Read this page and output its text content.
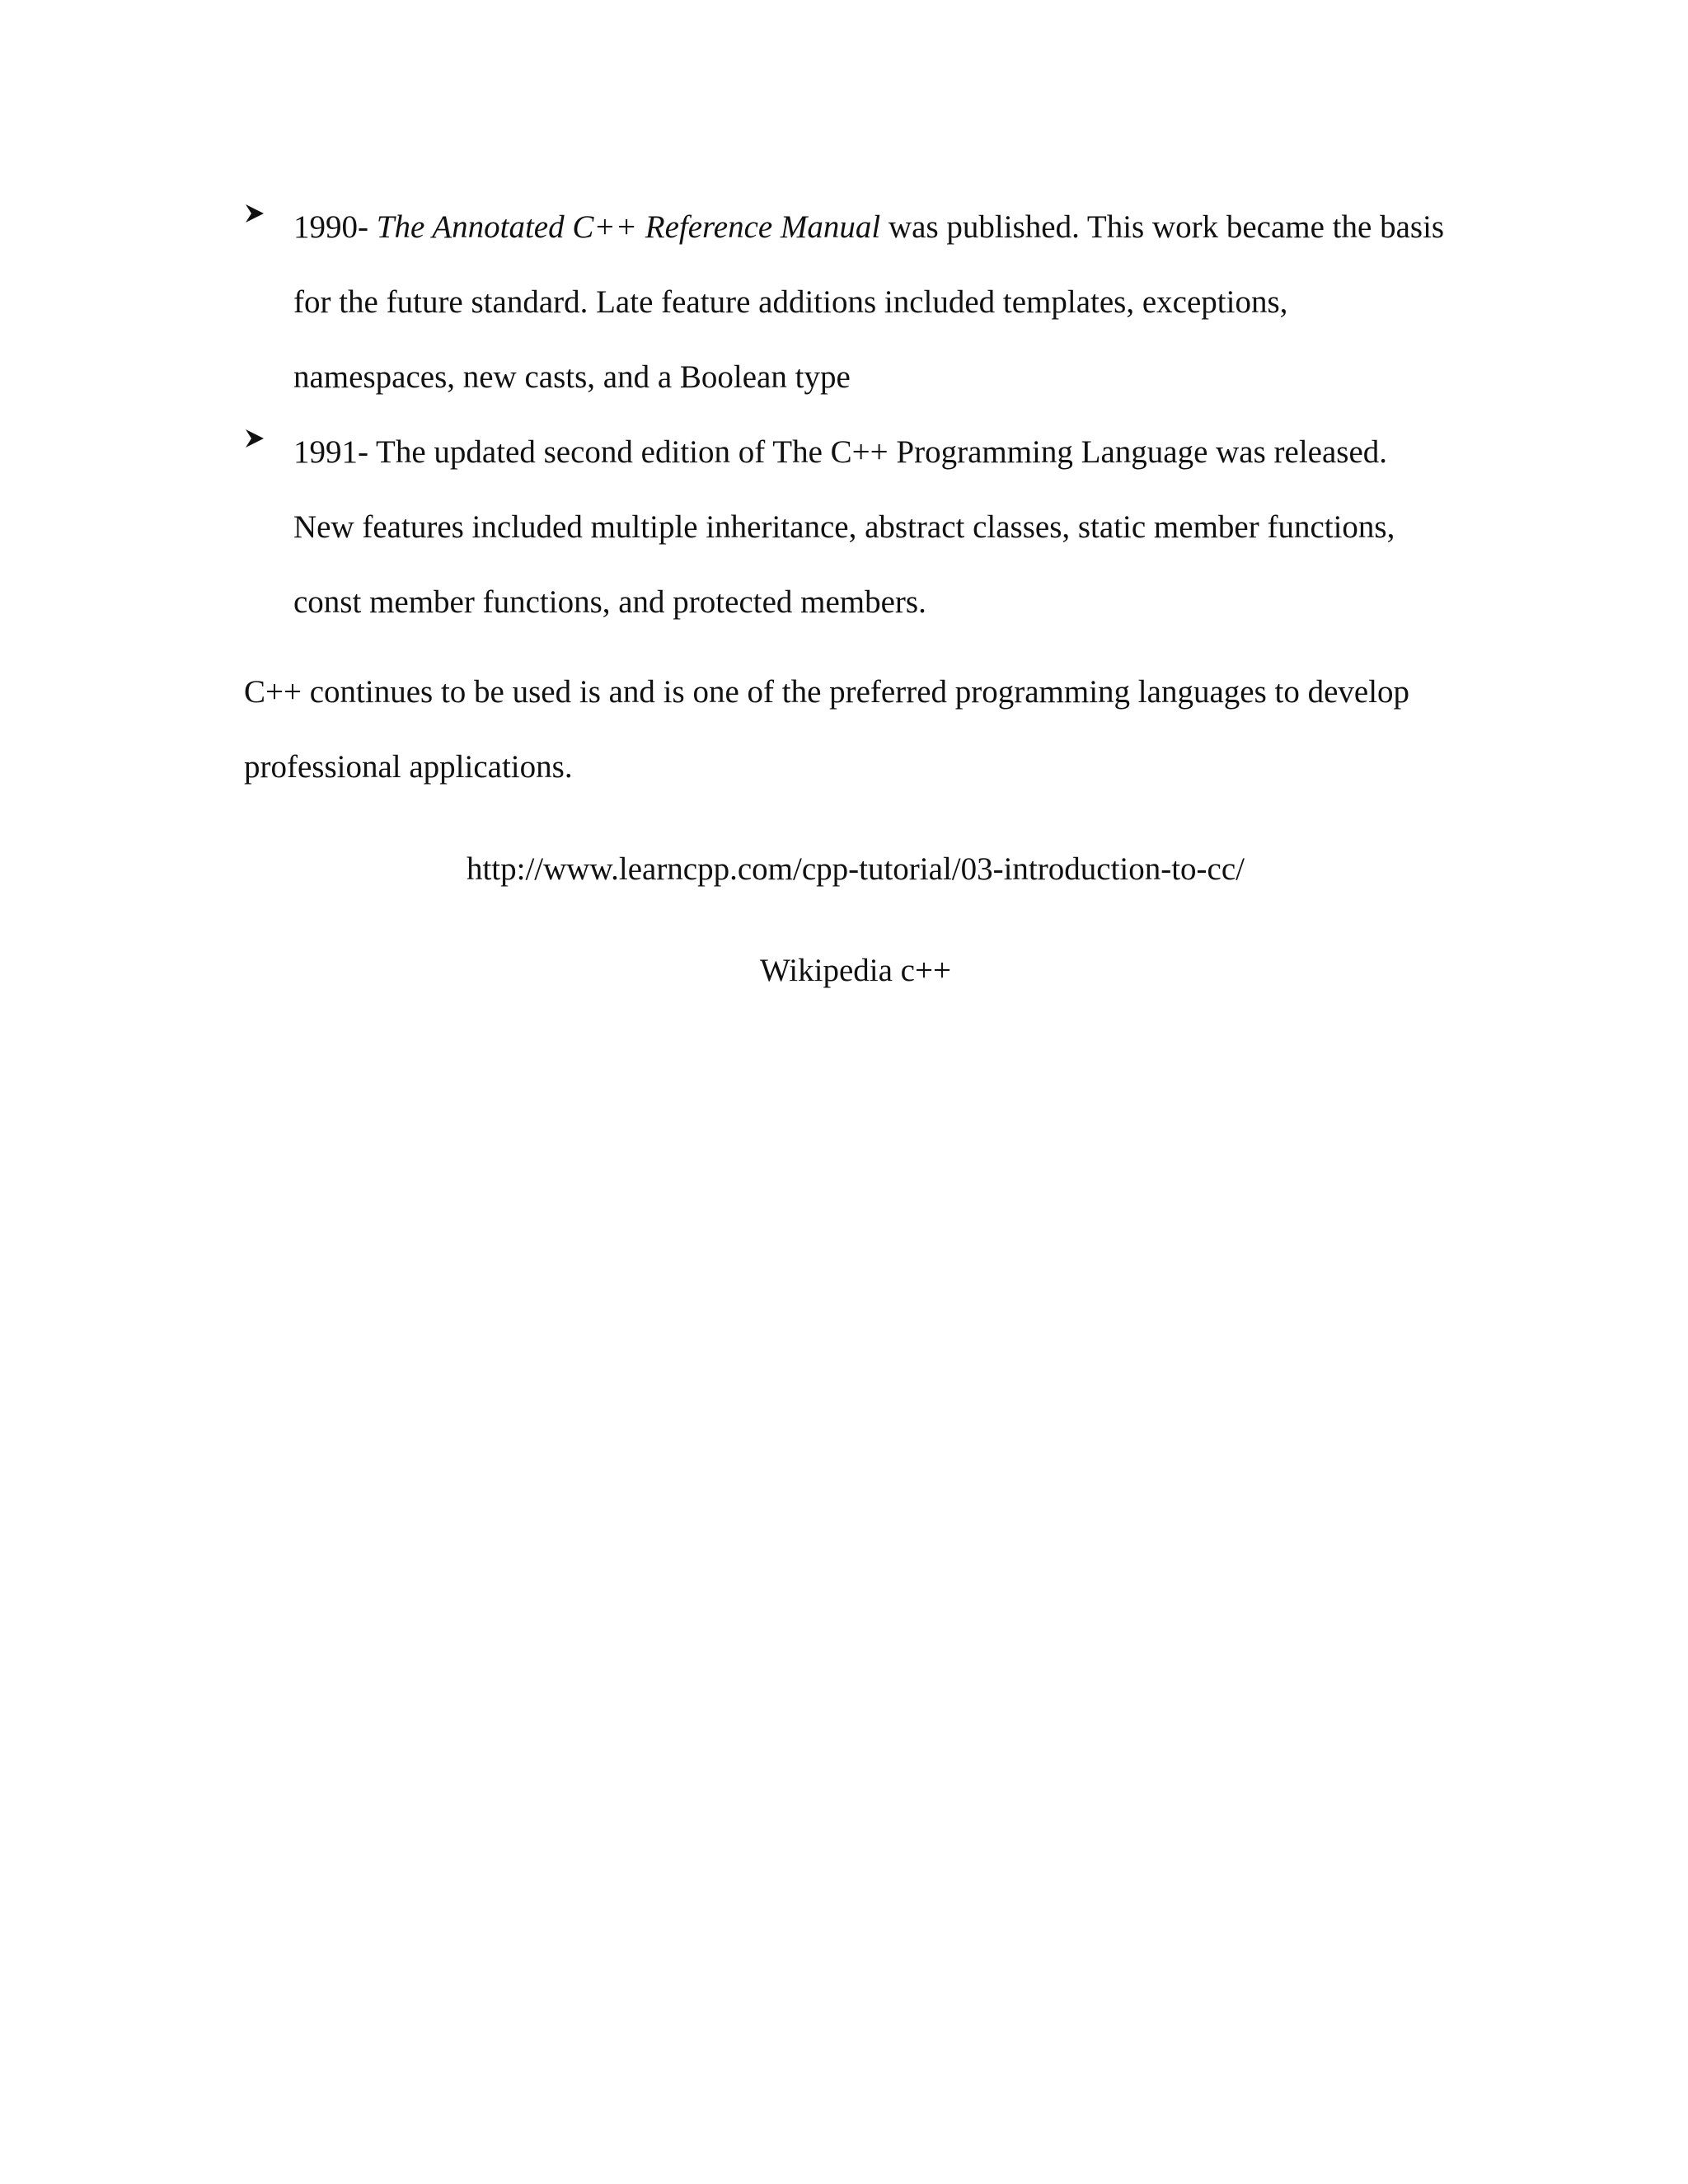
1990- The Annotated C++ Reference Manual was published. This work became the basis
for the future standard. Late feature additions included templates, exceptions,
namespaces, new casts, and a Boolean type

1991- The updated second edition of The C++ Programming Language was released.
New features included multiple inheritance, abstract classes, static member functions,
const member functions, and protected members.

C++ continues to be used is and is one of the preferred programming languages to develop
professional applications.

http://www.learncpp.com/cpp-tutorial/03-introduction-to-cc/

Wikipedia c++
